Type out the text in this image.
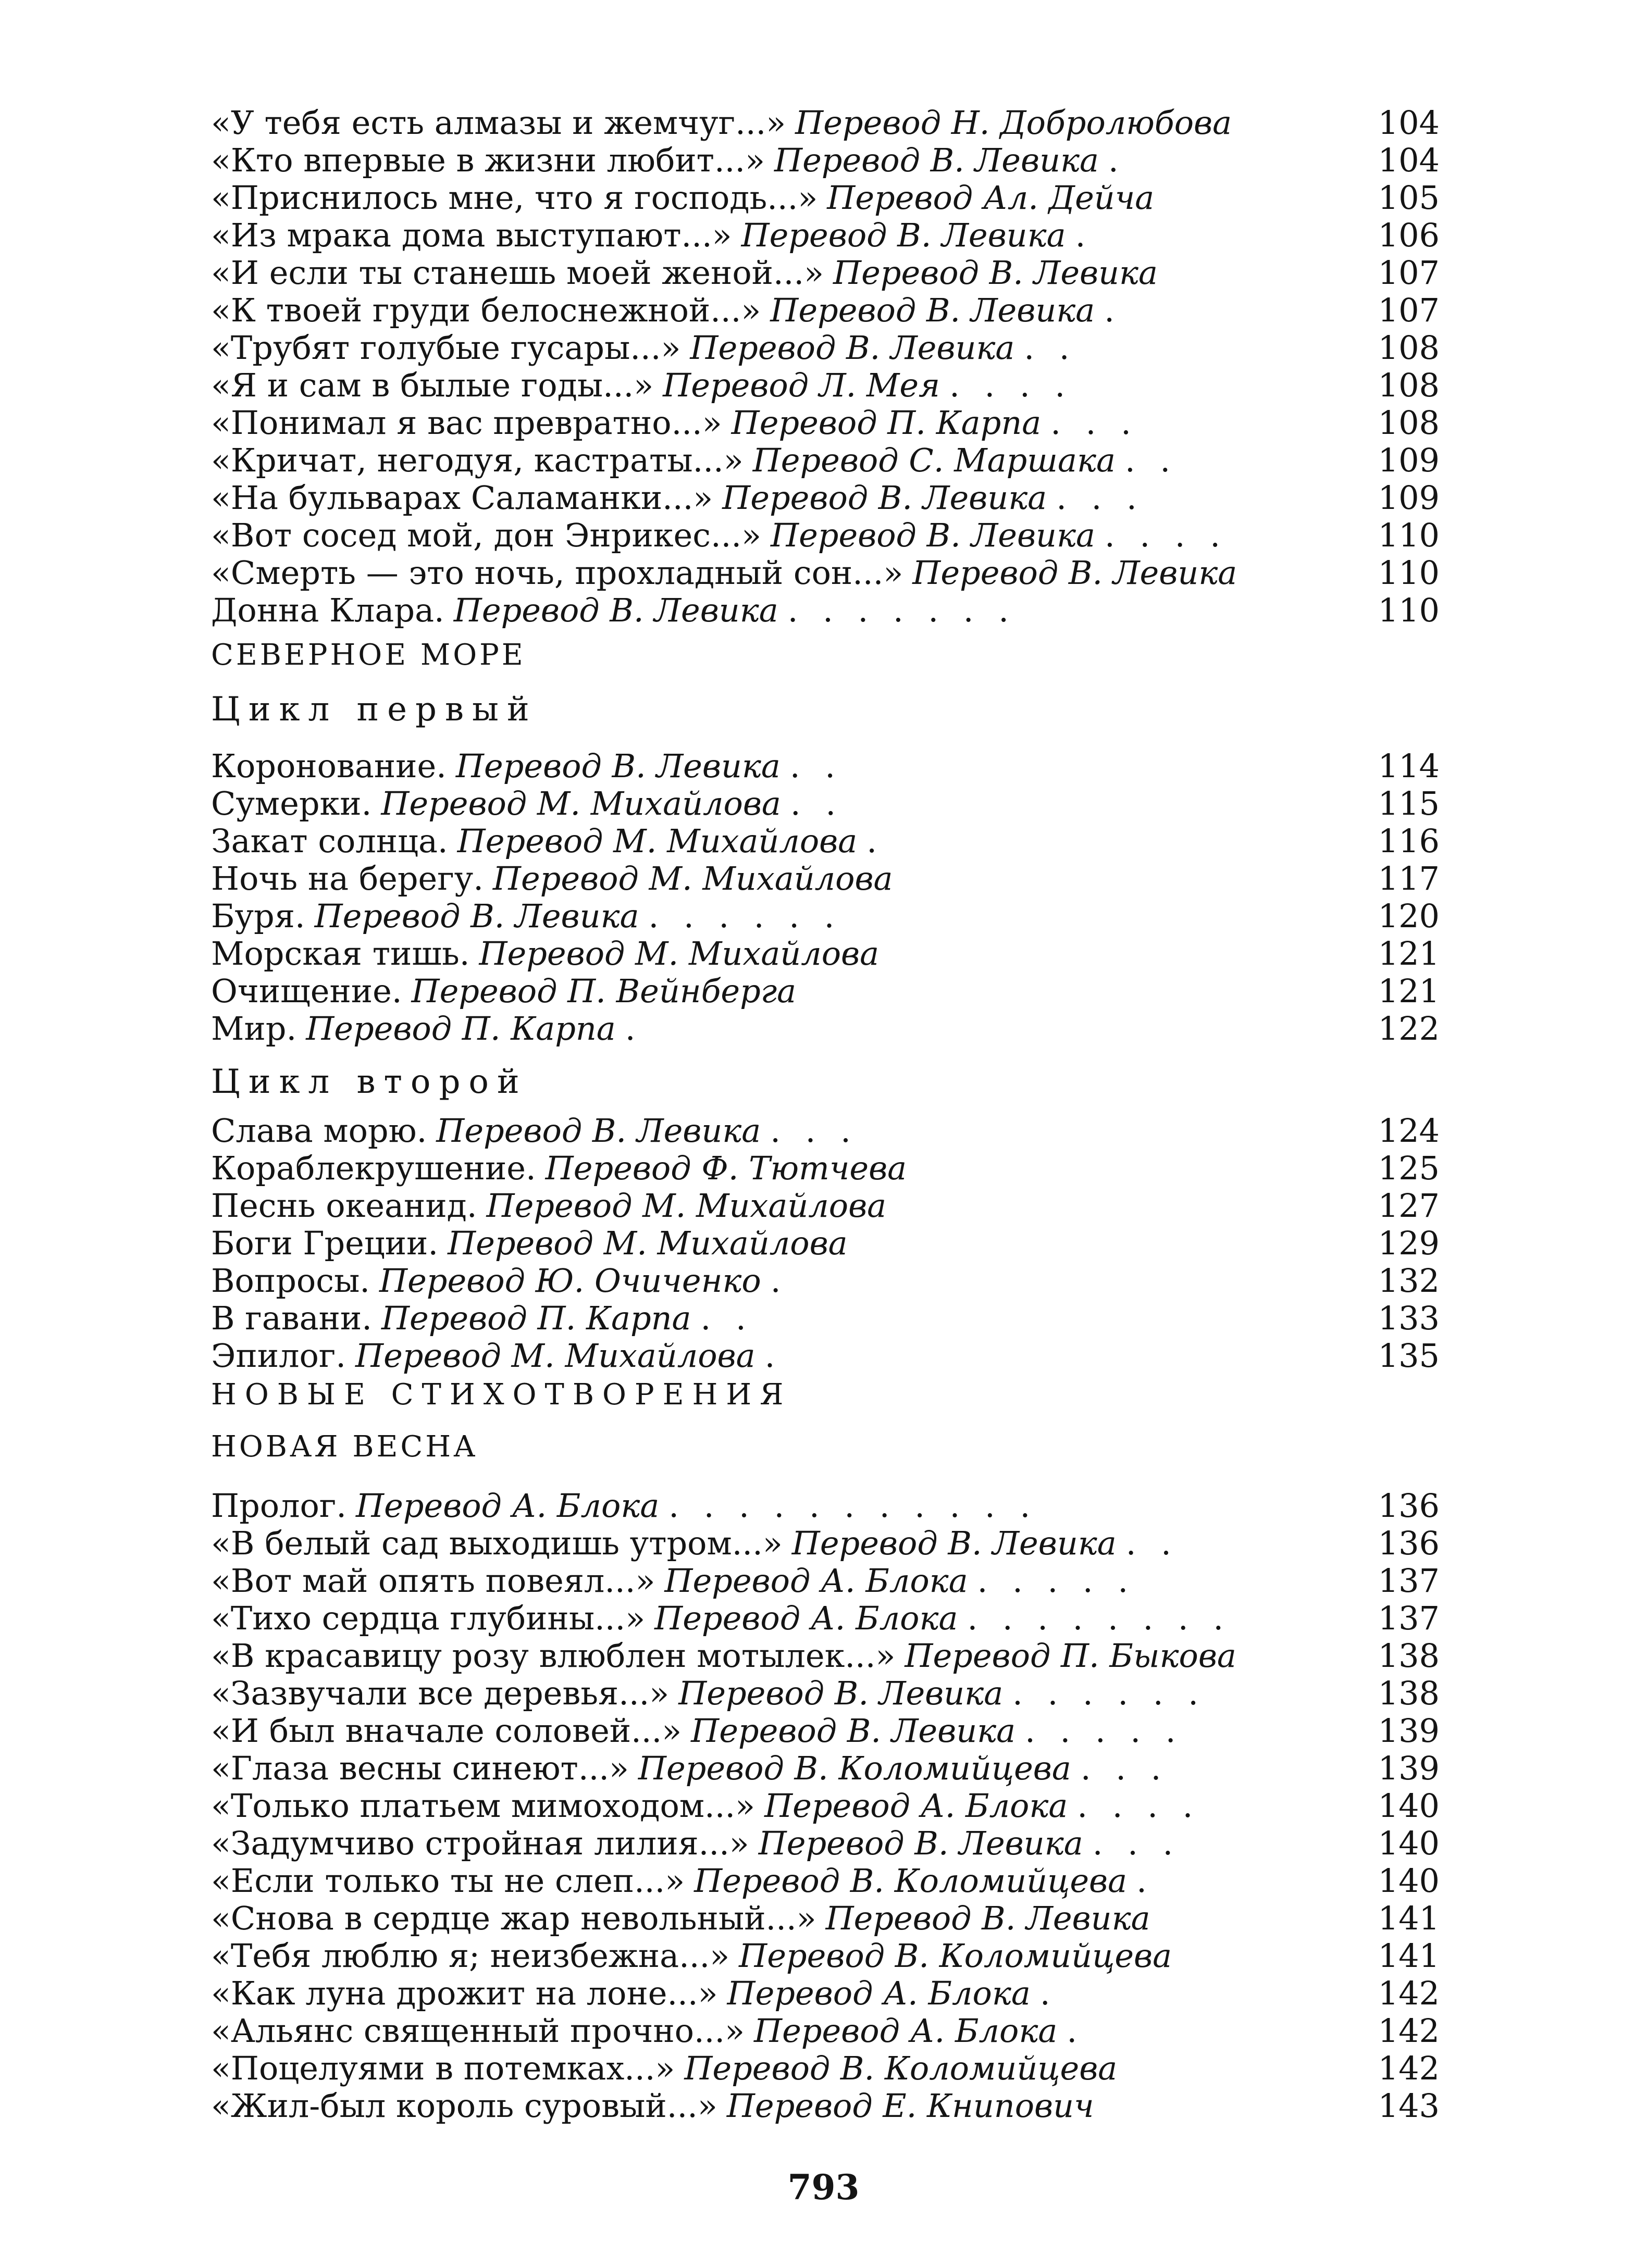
«У тебя есть алмазы и жемчуг...» Перевод Н. Добролюбова	104
«Кто впервые в жизни любит...» Перевод В. Левика .	104
«Приснилось мне, что я господь...» Перевод Ал. Дейча	105
«Из мрака дома выступают...» Перевод В. Левика .	106
«И если ты станешь моей женой...» Перевод В. Левика	107
«К твоей груди белоснежной...» Перевод В. Левика .	107
«Трубят голубые гусары...» Перевод В. Левика . .	108
«Я и сам в былые годы...» Перевод Л. Мея . . . .	108
«Понимал я вас превратно...» Перевод П. Карпа . . .	108
«Кричат, негодуя, кастраты...» Перевод С. Маршака . .	109
«На бульварах Саламанки...» Перевод В. Левика . . .	109
«Вот сосед мой, дон Энрикес...» Перевод В. Левика . . . .	110
«Смерть — это ночь, прохладный сон...» Перевод В. Левика	110
Донна Клара. Перевод В. Левика . . . . . . .	110
СЕВЕРНОЕ МОРЕ
Цикл первый
Коронование. Перевод В. Левика . .	114
Сумерки. Перевод М. Михайлова . .	115
Закат солнца. Перевод М. Михайлова .	116
Ночь на берегу. Перевод М. Михайлова	117
Буря. Перевод В. Левика . . . . . .	120
Морская тишь. Перевод М. Михайлова	121
Очищение. Перевод П. Вейнберга	121
Мир. Перевод П. Карпа .	122
Цикл второй
Слава морю. Перевод В. Левика . . .	124
Кораблекрушение. Перевод Ф. Тютчева	125
Песнь океанид. Перевод М. Михайлова	127
Боги Греции. Перевод М. Михайлова	129
Вопросы. Перевод Ю. Очиченко .	132
В гавани. Перевод П. Карпа . .	133
Эпилог. Перевод М. Михайлова .	135
НОВЫЕ СТИХОТВОРЕНИЯ
НОВАЯ ВЕСНА
Пролог. Перевод А. Блока . . . . . . . . . . .	136
«В белый сад выходишь утром...» Перевод В. Левика . .	136
«Вот май опять повеял...» Перевод А. Блока . . . . .	137
«Тихо сердца глубины...» Перевод А. Блока . . . . . . . .	137
«В красавицу розу влюблен мотылек...» Перевод П. Быкова	138
«Зазвучали все деревья...» Перевод В. Левика . . . . . .	138
«И был вначале соловей...» Перевод В. Левика . . . . .	139
«Глаза весны синеют...» Перевод В. Коломийцева . . .	139
«Только платьем мимоходом...» Перевод А. Блока . . . .	140
«Задумчиво стройная лилия...» Перевод В. Левика . . .	140
«Если только ты не слеп...» Перевод В. Коломийцева .	140
«Снова в сердце жар невольный...» Перевод В. Левика	141
«Тебя люблю я; неизбежна...» Перевод В. Коломийцева	141
«Как луна дрожит на лоне...» Перевод А. Блока .	142
«Альянс священный прочно...» Перевод А. Блока .	142
«Поцелуями в потемках...» Перевод В. Коломийцева	142
«Жил-был король суровый...» Перевод Е. Книпович	143
793
